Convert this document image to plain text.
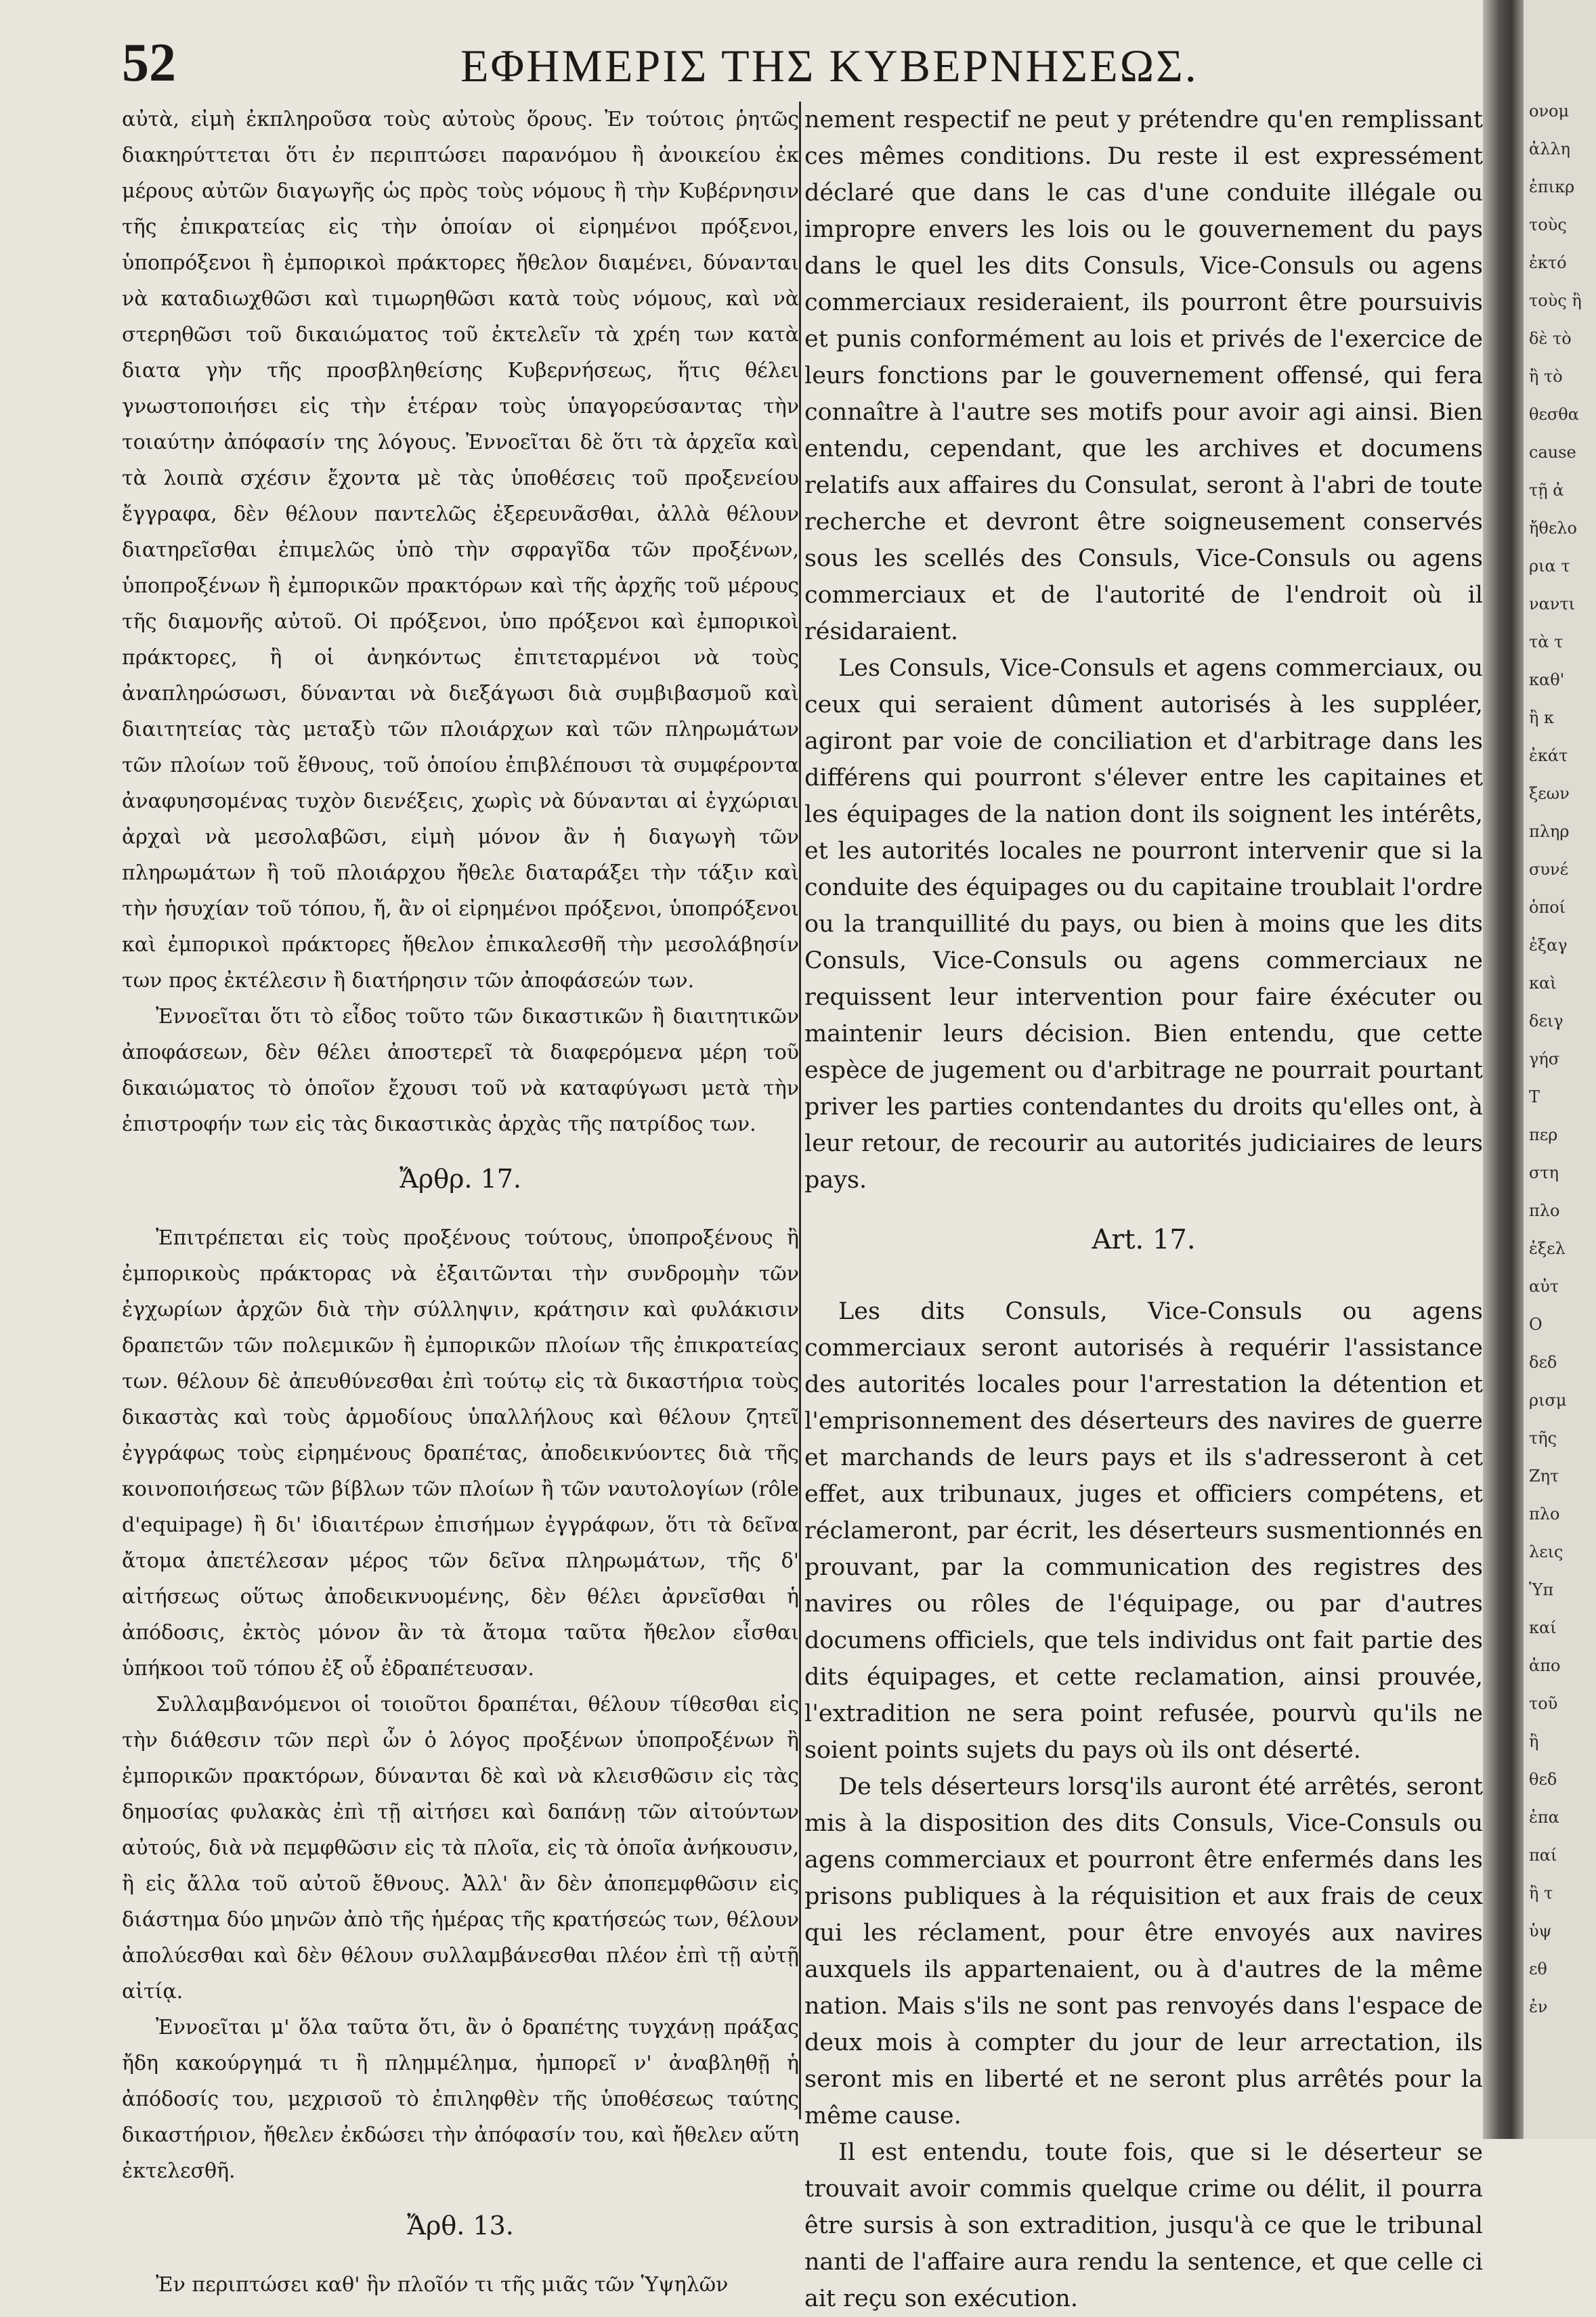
52	ΕΦΗΜΕΡΙΣ ΤΗΣ ΚΥΒΕΡΝΗΣΕΩΣ.

αὐτὰ, εἰμὴ ἐκπληροῦσα τοὺς αὐτοὺς ὅρους. Ἐν τούτοις ῥητῶς διακηρύττεται ὅτι ἐν περιπτώσει παρανόμου ἢ ἀνοικείου ἐκ μέρους αὐτῶν διαγωγῆς ὡς πρὸς τοὺς νόμους ἢ τὴν Κυβέρνησιν τῆς ἐπικρατείας εἰς τὴν ὁποίαν οἱ εἰρημένοι πρόξενοι, ὑποπρόξενοι ἢ ἐμπορικοὶ πράκτορες ἤθελον διαμένει, δύνανται νὰ καταδιωχθῶσι καὶ τιμωρηθῶσι κατὰ τοὺς νόμους, καὶ νὰ στερηθῶσι τοῦ δικαιώματος τοῦ ἐκτελεῖν τὰ χρέη των κατὰ διατα γὴν τῆς προσβληθείσης Κυβερνήσεως, ἥτις θέλει γνωστοποιήσει εἰς τὴν ἑτέραν τοὺς ὑπαγορεύσαντας τὴν τοιαύτην ἀπόφασίν της λόγους. Ἐννοεῖται δὲ ὅτι τὰ ἀρχεῖα καὶ τὰ λοιπὰ σχέσιν ἔχοντα μὲ τὰς ὑποθέσεις τοῦ προξενείου ἔγγραφα, δὲν θέλουν παντελῶς ἐξερευνᾶσθαι, ἀλλὰ θέλουν διατηρεῖσθαι ἐπιμελῶς ὑπὸ τὴν σφραγῖδα τῶν προξένων, ὑποπροξένων ἢ ἐμπορικῶν πρακτόρων καὶ τῆς ἀρχῆς τοῦ μέρους τῆς διαμονῆς αὐτοῦ. Οἱ πρόξενοι, ὑπο πρόξενοι καὶ ἐμπορικοὶ πράκτορες, ἢ οἱ ἀνηκόντως ἐπιτεταρμένοι νὰ τοὺς ἀναπληρώσωσι, δύνανται νὰ διεξάγωσι διὰ συμβιβασμοῦ καὶ διαιτητείας τὰς μεταξὺ τῶν πλοιάρχων καὶ τῶν πληρωμάτων τῶν πλοίων τοῦ ἔθνους, τοῦ ὁποίου ἐπιβλέπουσι τὰ συμφέροντα ἀναφυησομένας τυχὸν διενέξεις, χωρὶς νὰ δύνανται αἱ ἐγχώριαι ἀρχαὶ νὰ μεσολαβῶσι, εἰμὴ μόνον ἂν ἡ διαγωγὴ τῶν πληρωμάτων ἢ τοῦ πλοιάρχου ἤθελε διαταράξει τὴν τάξιν καὶ τὴν ἡσυχίαν τοῦ τόπου, ἤ, ἂν οἱ εἰρημένοι πρόξενοι, ὑποπρόξενοι καὶ ἐμπορικοὶ πράκτορες ἤθελον ἐπικαλεσθῆ τὴν μεσολάβησίν των προς ἐκτέλεσιν ἢ διατήρησιν τῶν ἀποφάσεών των.

Ἐννοεῖται ὅτι τὸ εἶδος τοῦτο τῶν δικαστικῶν ἢ διαιτητικῶν ἀποφάσεων, δὲν θέλει ἀποστερεῖ τὰ διαφερόμενα μέρη τοῦ δικαιώματος τὸ ὁποῖον ἔχουσι τοῦ νὰ καταφύγωσι μετὰ τὴν ἐπιστροφήν των εἰς τὰς δικαστικὰς ἀρχὰς τῆς πατρίδος των.

Ἄρθρ. 17.

Ἐπιτρέπεται εἰς τοὺς προξένους τούτους, ὑποπροξένους ἢ ἐμπορικοὺς πράκτορας νὰ ἐξαιτῶνται τὴν συνδρομὴν τῶν ἐγχωρίων ἀρχῶν διὰ τὴν σύλληψιν, κράτησιν καὶ φυλάκισιν δραπετῶν τῶν πολεμικῶν ἢ ἐμπορικῶν πλοίων τῆς ἐπικρατείας των. θέλουν δὲ ἀπευθύνεσθαι ἐπὶ τούτῳ εἰς τὰ δικαστήρια τοὺς δικαστὰς καὶ τοὺς ἁρμοδίους ὑπαλλήλους καὶ θέλουν ζητεῖ ἐγγράφως τοὺς εἰρημένους δραπέτας, ἀποδεικνύοντες διὰ τῆς κοινοποιήσεως τῶν βίβλων τῶν πλοίων ἢ τῶν ναυτολογίων (rôle d'equipage) ἢ δι' ἰδιαιτέρων ἐπισήμων ἐγγράφων, ὅτι τὰ δεῖνα ἄτομα ἀπετέλεσαν μέρος τῶν δεῖνα πληρωμάτων, τῆς δ' αἰτήσεως οὕτως ἀποδεικνυομένης, δὲν θέλει ἀρνεῖσθαι ἡ ἀπόδοσις, ἐκτὸς μόνον ἂν τὰ ἄτομα ταῦτα ἤθελον εἶσθαι ὑπήκοοι τοῦ τόπου ἐξ οὗ ἐδραπέτευσαν.

Συλλαμβανόμενοι οἱ τοιοῦτοι δραπέται, θέλουν τίθεσθαι εἰς τὴν διάθεσιν τῶν περὶ ὧν ὁ λόγος προξένων ὑποπροξένων ἢ ἐμπορικῶν πρακτόρων, δύνανται δὲ καὶ νὰ κλεισθῶσιν εἰς τὰς δημοσίας φυλακὰς ἐπὶ τῇ αἰτήσει καὶ δαπάνῃ τῶν αἰτούντων αὐτούς, διὰ νὰ πεμφθῶσιν εἰς τὰ πλοῖα, εἰς τὰ ὁποῖα ἀνήκουσιν, ἢ εἰς ἄλλα τοῦ αὐτοῦ ἔθνους. Ἀλλ' ἂν δὲν ἀποπεμφθῶσιν εἰς διάστημα δύο μηνῶν ἀπὸ τῆς ἡμέρας τῆς κρατήσεώς των, θέλουν ἀπολύεσθαι καὶ δὲν θέλουν συλλαμβάνεσθαι πλέον ἐπὶ τῇ αὐτῇ αἰτίᾳ.

Ἐννοεῖται μ' ὅλα ταῦτα ὅτι, ἂν ὁ δραπέτης τυγχάνῃ πράξας ἤδη κακούργημά τι ἢ πλημμέλημα, ἠμπορεῖ ν' ἀναβληθῇ ἡ ἀπόδοσίς του, μεχρισοῦ τὸ ἐπιληφθὲν τῆς ὑποθέσεως ταύτης δικαστήριον, ἤθελεν ἐκδώσει τὴν ἀπόφασίν του, καὶ ἤθελεν αὕτη ἐκτελεσθῆ.

Ἄρθ. 13.

Ἐν περιπτώσει καθ' ἣν πλοῖόν τι τῆς μιᾶς τῶν Ὑψηλῶν

nement respectif ne peut y prétendre qu'en remplissant ces mêmes conditions. Du reste il est expressément déclaré que dans le cas d'une conduite illégale ou impropre envers les lois ou le gouvernement du pays dans le quel les dits Consuls, Vice-Consuls ou agens commerciaux resideraient, ils pourront être poursuivis et punis conformément au lois et privés de l'exercice de leurs fonctions par le gouvernement offensé, qui fera connaître à l'autre ses motifs pour avoir agi ainsi. Bien entendu, cependant, que les archives et documens relatifs aux affaires du Consulat, seront à l'abri de toute recherche et devront être soigneusement conservés sous les scellés des Consuls, Vice-Consuls ou agens commerciaux et de l'autorité de l'endroit où il résidaraient.

Les Consuls, Vice-Consuls et agens commerciaux, ou ceux qui seraient dûment autorisés à les suppléer, agiront par voie de conciliation et d'arbitrage dans les différens qui pourront s'élever entre les capitaines et les équipages de la nation dont ils soignent les intérêts, et les autorités locales ne pourront intervenir que si la conduite des équipages ou du capitaine troublait l'ordre ou la tranquillité du pays, ou bien à moins que les dits Consuls, Vice-Consuls ou agens commerciaux ne requissent leur intervention pour faire éxécuter ou maintenir leurs décision. Bien entendu, que cette espèce de jugement ou d'arbitrage ne pourrait pourtant priver les parties contendantes du droits qu'elles ont, à leur retour, de recourir au autorités judiciaires de leurs pays.

Art. 17.

Les dits Consuls, Vice-Consuls ou agens commerciaux seront autorisés à requérir l'assistance des autorités locales pour l'arrestation la détention et l'emprisonnement des déserteurs des navires de guerre et marchands de leurs pays et ils s'adresseront à cet effet, aux tribunaux, juges et officiers compétens, et réclameront, par écrit, les déserteurs susmentionnés en prouvant, par la communication des registres des navires ou rôles de l'équipage, ou par d'autres documens officiels, que tels individus ont fait partie des dits équipages, et cette reclamation, ainsi prouvée, l'extradition ne sera point refusée, pourvù qu'ils ne soient points sujets du pays où ils ont déserté.

De tels déserteurs lorsq'ils auront été arrêtés, seront mis à la disposition des dits Consuls, Vice-Consuls ou agens commerciaux et pourront être enfermés dans les prisons publiques à la réquisition et aux frais de ceux qui les réclament, pour être envoyés aux navires auxquels ils appartenaient, ou à d'autres de la même nation. Mais s'ils ne sont pas renvoyés dans l'espace de deux mois à compter du jour de leur arrectation, ils seront mis en liberté et ne seront plus arrêtés pour la même cause.

Il est entendu, toute fois, que si le déserteur se trouvait avoir commis quelque crime ou délit, il pourra être sursis à son extradition, jusqu'à ce que le tribunal nanti de l'affaire aura rendu la sentence, et que celle ci ait reçu son exécution.

ονομ
ἀλλη
ἐπικρ
τοὺς
ἐκτό
τοὺς ἢ
δὲ τὸ
ἢ τὸ
θεσθα
cause
τῇ ἀ
ἤθελο
ρια τ
ναντι
τὰ τ
καθ'
ἢ κ
ἐκάτ
ξεων
πληρ
συνέ
ὁποί
ἐξαγ
καὶ
δειγ
γήσ
Τ
περ
στη
πλο
ἐξελ
αὐτ
Ο
δεδ
ρισμ
τῆς
Ζητ
πλο
λεις
Ὑπ
καί
ἀπο
τοῦ
ἢ
θεδ
ἐπα
παί
ἢ τ
ὑψ
εθ
ἐν
